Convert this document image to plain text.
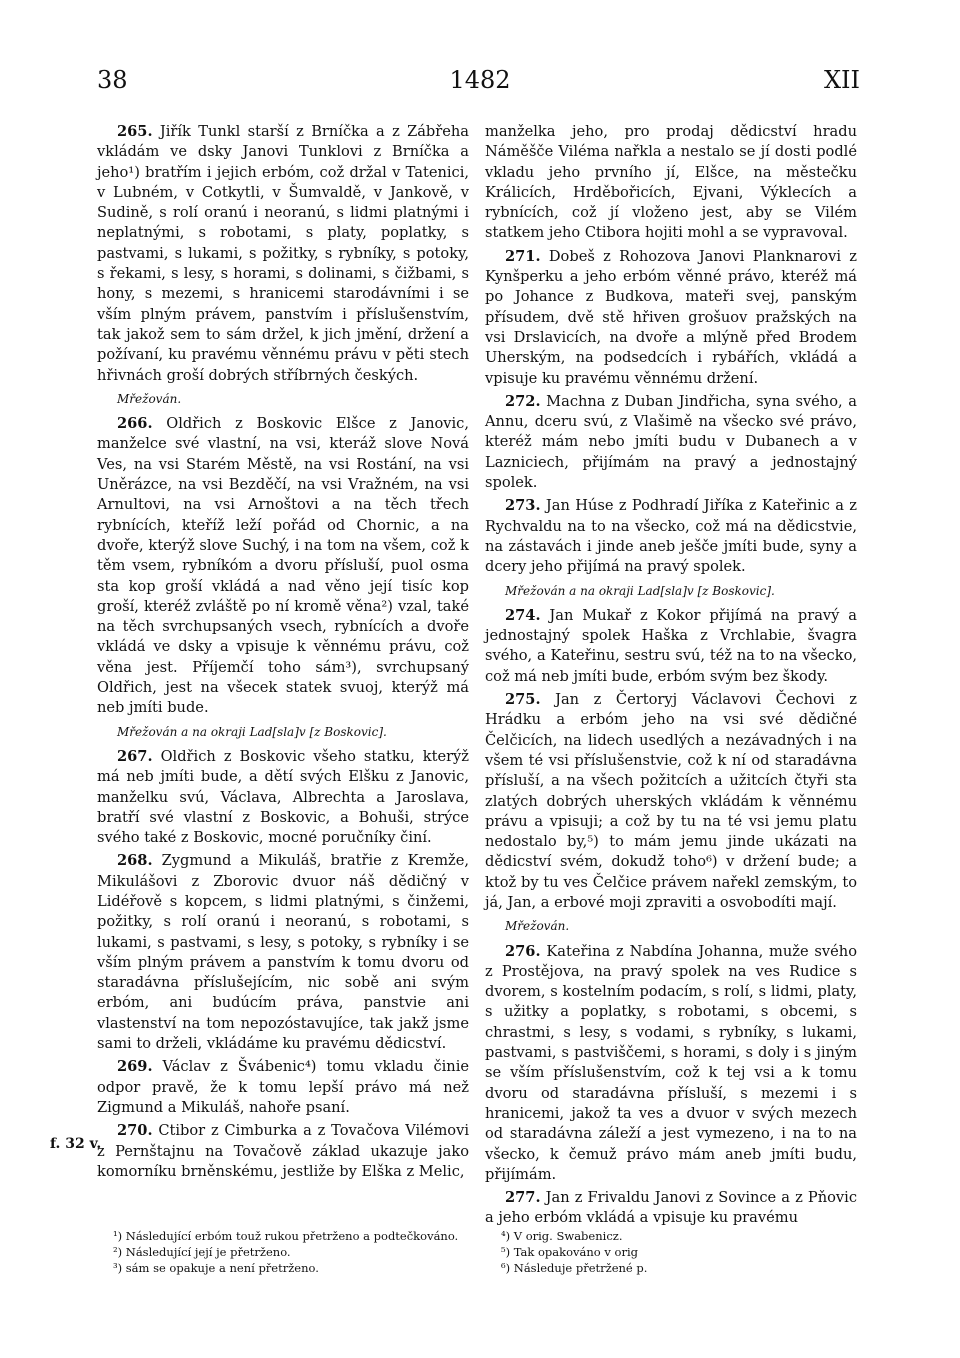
38	1482	XII
f. 32 v.

265. Jiřík Tunkl starší z Brníčka a z Zábřeha vkládám ve dsky Janovi Tunklovi z Brníčka a jeho¹) bratřím i jejich erbóm, což držal v Tatenici, v Lubném, v Cotkytli, v Šumvaldě, v Jankově, v Sudině, s rolí oranú i neoranú, s lidmi platnými i neplatnými, s robotami, s platy, poplatky, s pastvami, s lukami, s požitky, s rybníky, s potoky, s řekami, s lesy, s horami, s dolinami, s čižbami, s hony, s mezemi, s hranicemi starodávními i se vším plným právem, panstvím i příslušenstvím, tak jakož sem to sám držel, k jich jmění, držení a požívaní, ku pravému věnnému právu v pěti stech hřivnách groší dobrých stříbrných českých.

Mřežován.

266. Oldřich z Boskovic Elšce z Janovic, manželce své vlastní, na vsi, kteráž slove Nová Ves, na vsi Starém Městě, na vsi Rostání, na vsi Uněrázce, na vsi Bezděčí, na vsi Vražném, na vsi Arnultovi, na vsi Arnoštovi a na těch třech rybnících, kteříž leží pořád od Chornic, a na dvoře, kterýž slove Suchý, i na tom na všem, což k těm vsem, rybníkóm a dvoru přísluší, puol osma sta kop groší vkládá a nad věno její tisíc kop groší, kteréž zvláště po ní kromě věna²) vzal, také na těch svrchupsaných vsech, rybnících a dvoře vkládá ve dsky a vpisuje k věnnému právu, což věna jest. Příjemčí toho sám³), svrchupsaný Oldřich, jest na všecek statek svuoj, kterýž má neb jmíti bude.

Mřežován a na okraji Lad[sla]v [z Boskovic].

267. Oldřich z Boskovic všeho statku, kterýž má neb jmíti bude, a dětí svých Elšku z Janovic, manželku svú, Václava, Albrechta a Jaroslava, bratří své vlastní z Boskovic, a Bohuši, strýce svého také z Boskovic, mocné poručníky činí.

268. Zygmund a Mikuláš, bratřie z Kremže, Mikulášovi z Zborovic dvuor náš dědičný v Lidéřově s kopcem, s lidmi platnými, s činžemi, požitky, s rolí oranú i neoranú, s robotami, s lukami, s pastvami, s lesy, s potoky, s rybníky i se vším plným právem a panstvím k tomu dvoru od staradávna příslušejícím, nic sobě ani svým erbóm, ani budúcím práva, panstvie ani vlastenství na tom nepozóstavujíce, tak jakž jsme sami to drželi, vkládáme ku pravému dědicství.

269. Václav z Švábenic⁴) tomu vkladu činie odpor pravě, že k tomu lepší právo má než Zigmund a Mikuláš, nahoře psaní.

270. Ctibor z Cimburka a z Tovačova Vilémovi z Pernštajnu na Tovačově základ ukazuje jako komorníku brněnskému, jestliže by Elška z Melic,

manželka jeho, pro prodaj dědicství hradu Náměšče Viléma nařkla a nestalo se jí dosti podlé vkladu jeho prvního jí, Elšce, na městečku Králicích, Hrděbořicích, Ejvani, Výklecích a rybnících, což jí vloženo jest, aby se Vilém statkem jeho Ctibora hojiti mohl a se vypravoval.

271. Dobeš z Rohozova Janovi Planknarovi z Kynšperku a jeho erbóm věnné právo, kteréž má po Johance z Budkova, mateři svej, panským přísudem, dvě stě hřiven grošuov pražských na vsi Drslavicích, na dvoře a mlýně před Brodem Uherským, na podsedcích i rybářích, vkládá a vpisuje ku pravému věnnému držení.

272. Machna z Duban Jindřicha, syna svého, a Annu, dceru svú, z Vlašimě na všecko své právo, kteréž mám nebo jmíti budu v Dubanech a v Lazniciech, přijímám na pravý a jednostajný spolek.

273. Jan Húse z Podhradí Jiříka z Kateřinic a z Rychvaldu na to na všecko, což má na dědicstvie, na zástavách i jinde aneb ješče jmíti bude, syny a dcery jeho přijímá na pravý spolek.

Mřežován a na okraji Lad[sla]v [z Boskovic].

274. Jan Mukař z Kokor přijímá na pravý a jednostajný spolek Haška z Vrchlabie, švagra svého, a Kateřinu, sestru svú, též na to na všecko, což má neb jmíti bude, erbóm svým bez škody.

275. Jan z Čertoryj Václavovi Čechovi z Hrádku a erbóm jeho na vsi své dědičné Čelčicích, na lidech usedlých a nezávadných i na všem té vsi příslušenstvie, což k ní od staradávna přísluší, a na všech požitcích a užitcích čtyři sta zlatých dobrých uherských vkládám k věnnému právu a vpisuji; a což by tu na té vsi jemu platu nedostalo by,⁵) to mám jemu jinde ukázati na dědicství svém, dokudž toho⁶) v držení bude; a ktož by tu ves Čelčice právem nařekl zemským, to já, Jan, a erbové moji zpraviti a osvobodíti mají.

Mřežován.

276. Kateřina z Nabdína Johanna, muže svého z Prostějova, na pravý spolek na ves Rudice s dvorem, s kostelním podacím, s rolí, s lidmi, platy, s užitky a poplatky, s robotami, s obcemi, s chrastmi, s lesy, s vodami, s rybníky, s lukami, pastvami, s pastviščemi, s horami, s doly i s jiným se vším příslušenstvím, což k tej vsi a k tomu dvoru od staradávna přísluší, s mezemi i s hranicemi, jakož ta ves a dvuor v svých mezech od staradávna záleží a jest vymezeno, i na to na všecko, k čemuž právo mám aneb jmíti budu, přijímám.

277. Jan z Frivaldu Janovi z Sovince a z Pňovic a jeho erbóm vkládá a vpisuje ku pravému

¹) Následující erbóm touž rukou přetrženo a podtečkováno.
²) Následující její je přetrženo.
³) sám se opakuje a není přetrženo.
⁴) V orig. Swabenicz.
⁵) Tak opakováno v orig
⁶) Následuje přetržené p.
